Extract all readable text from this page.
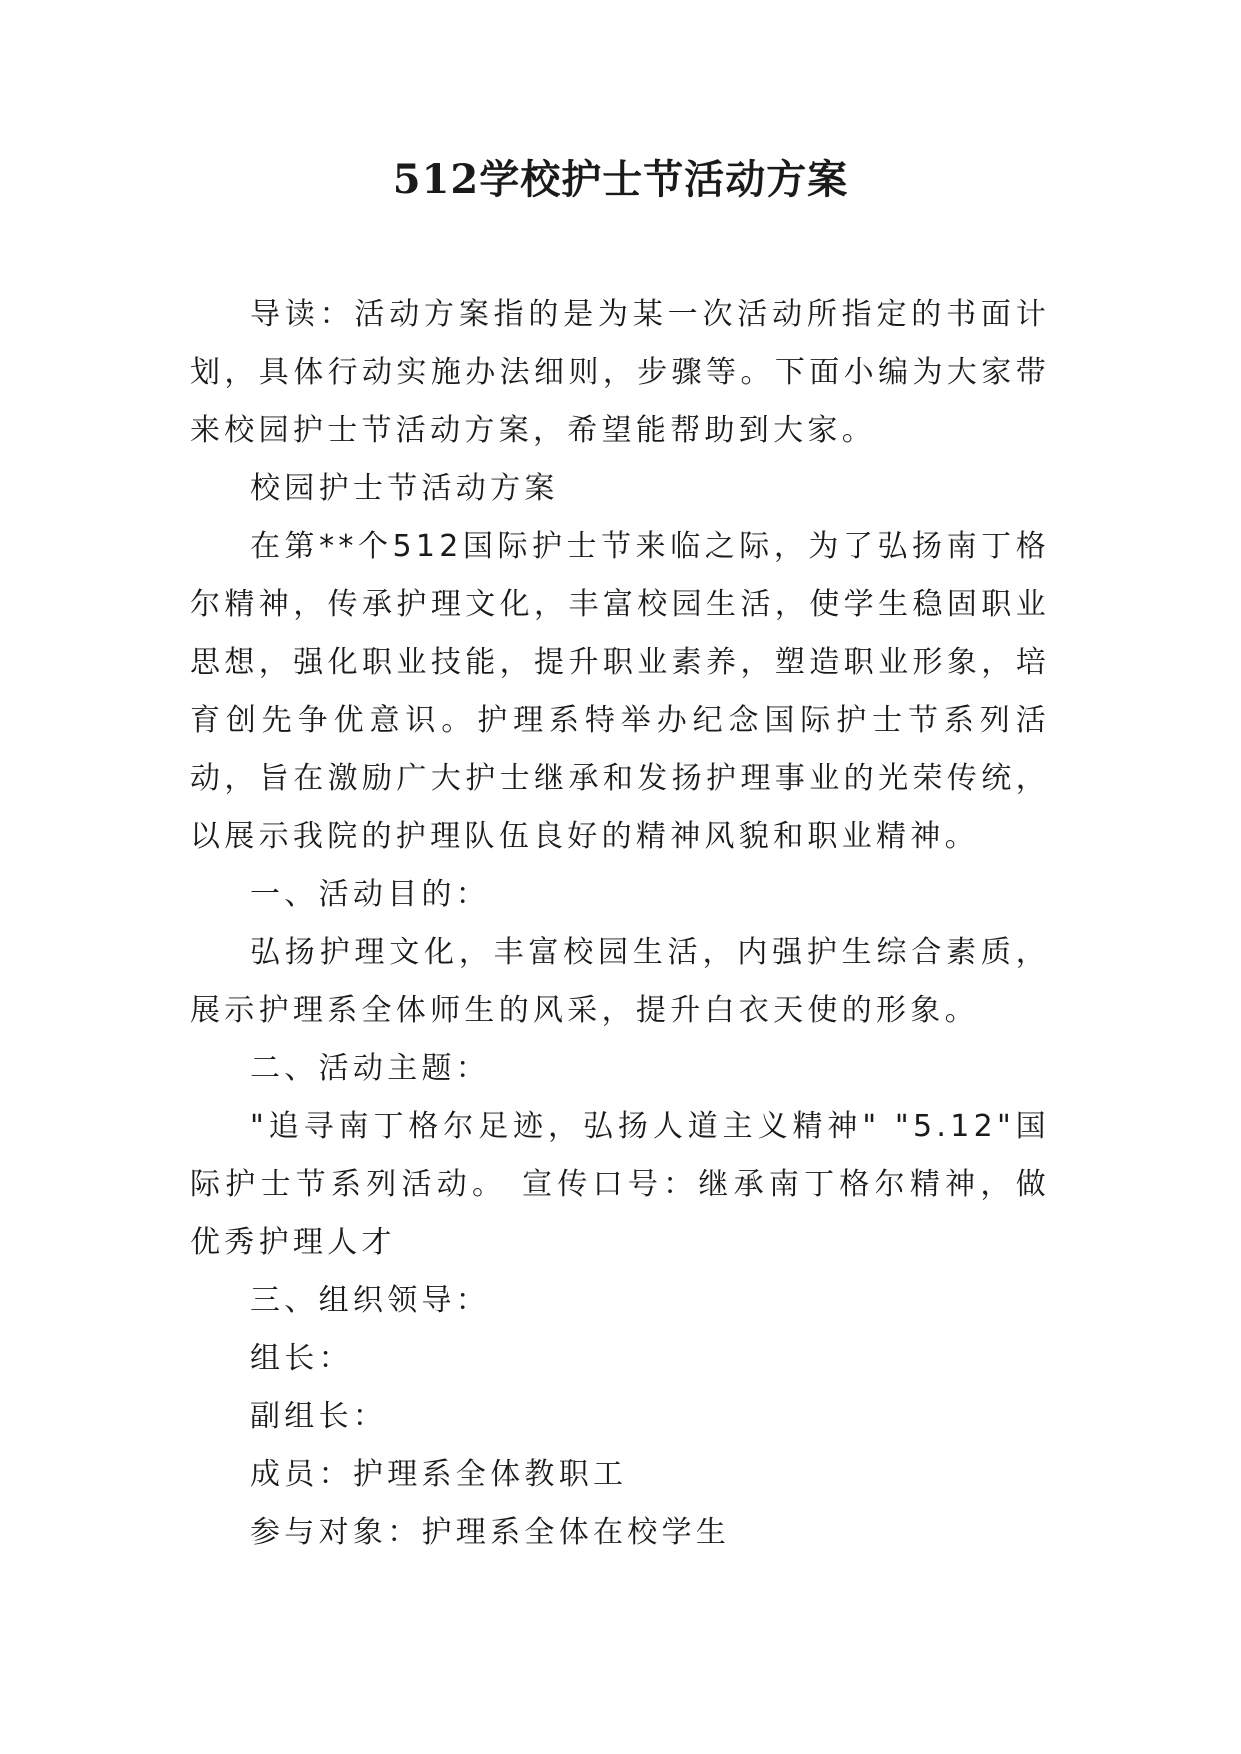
512学校护士节活动方案

导读：活动方案指的是为某一次活动所指定的书面计划，具体行动实施办法细则，步骤等。下面小编为大家带来校园护士节活动方案，希望能帮助到大家。

校园护士节活动方案

在第**个512国际护士节来临之际，为了弘扬南丁格尔精神，传承护理文化，丰富校园生活，使学生稳固职业思想，强化职业技能，提升职业素养，塑造职业形象，培育创先争优意识。护理系特举办纪念国际护士节系列活动，旨在激励广大护士继承和发扬护理事业的光荣传统，以展示我院的护理队伍良好的精神风貌和职业精神。

一、活动目的：

弘扬护理文化，丰富校园生活，内强护生综合素质，展示护理系全体师生的风采，提升白衣天使的形象。

二、活动主题：

"追寻南丁格尔足迹，弘扬人道主义精神" "5.12"国际护士节系列活动。 宣传口号：继承南丁格尔精神，做优秀护理人才

三、组织领导：

组长：

副组长：

成员：护理系全体教职工

参与对象：护理系全体在校学生
